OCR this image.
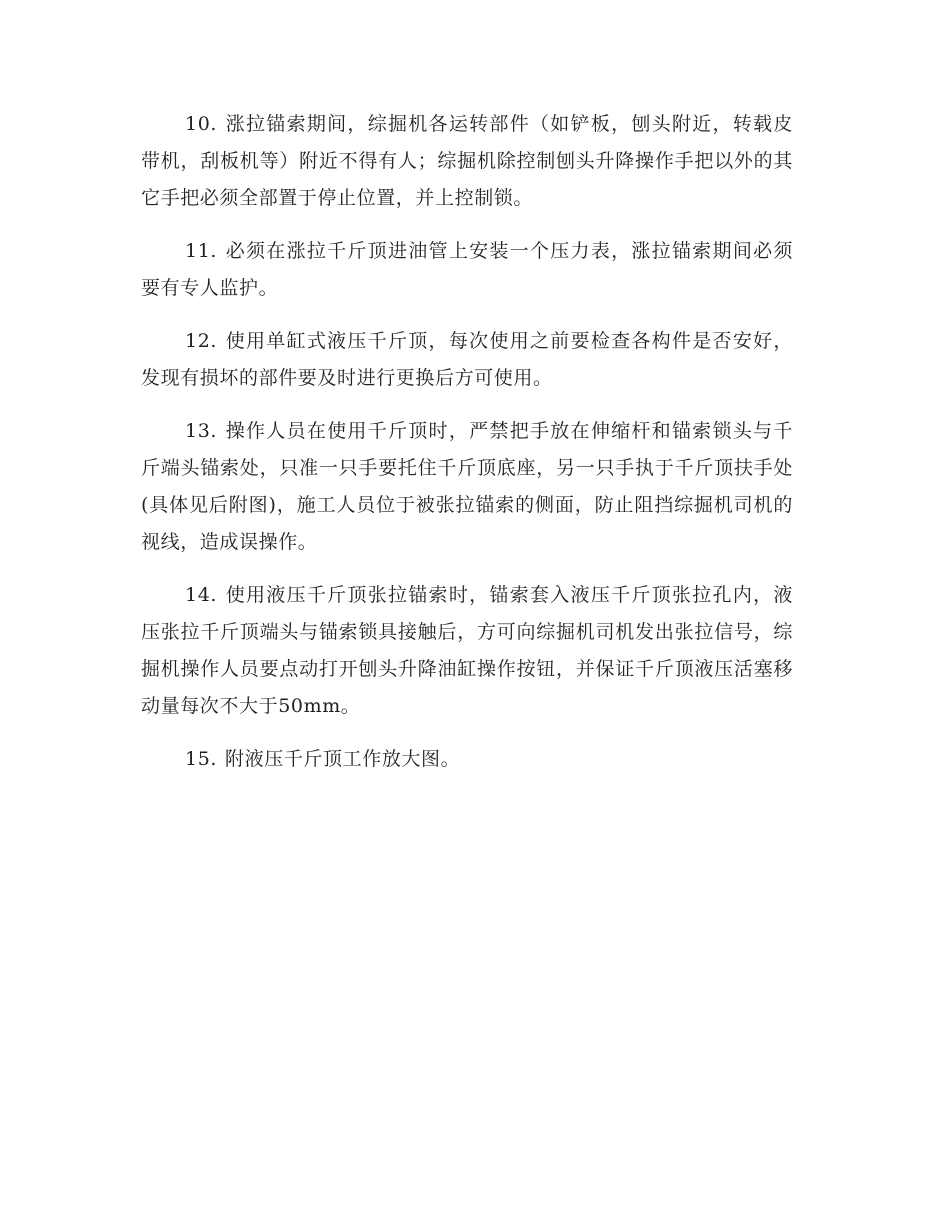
10. 涨拉锚索期间，综掘机各运转部件（如铲板，刨头附近，转载皮带机，刮板机等）附近不得有人；综掘机除控制刨头升降操作手把以外的其它手把必须全部置于停止位置，并上控制锁。

11. 必须在涨拉千斤顶进油管上安装一个压力表，涨拉锚索期间必须要有专人监护。

12. 使用单缸式液压千斤顶，每次使用之前要检查各构件是否安好，发现有损坏的部件要及时进行更换后方可使用。

13. 操作人员在使用千斤顶时，严禁把手放在伸缩杆和锚索锁头与千斤端头锚索处，只准一只手要托住千斤顶底座，另一只手执于千斤顶扶手处(具体见后附图)，施工人员位于被张拉锚索的侧面，防止阻挡综掘机司机的视线，造成误操作。

14. 使用液压千斤顶张拉锚索时，锚索套入液压千斤顶张拉孔内，液压张拉千斤顶端头与锚索锁具接触后，方可向综掘机司机发出张拉信号，综掘机操作人员要点动打开刨头升降油缸操作按钮，并保证千斤顶液压活塞移动量每次不大于50mm。

15. 附液压千斤顶工作放大图。
